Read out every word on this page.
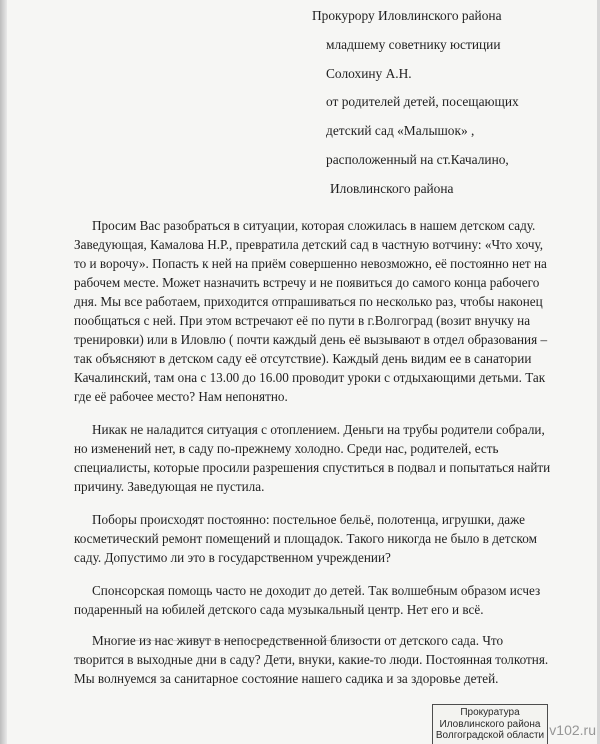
Прокурору Иловлинского района
младшему советнику юстиции
Солохину А.Н.
от родителей детей, посещающих
детский сад «Малышок» ,
расположенный на ст.Качалино,
Иловлинского района

Просим Вас разобраться в ситуации, которая сложилась в нашем детском саду. Заведующая, Камалова Н.Р., превратила детский сад в частную вотчину: «Что хочу, то и ворочу». Попасть к ней на приём совершенно невозможно, её постоянно нет на рабочем месте. Может назначить встречу и не появиться до самого конца рабочего дня. Мы все работаем, приходится отпрашиваться по несколько раз, чтобы наконец пообщаться с ней. При этом встречают её по пути в г.Волгоград (возит внучку на тренировки) или в Иловлю ( почти каждый день её вызывают в отдел образования – так объясняют в детском саду её отсутствие). Каждый день видим ее в санатории Качалинский, там она с 13.00 до 16.00 проводит уроки с отдыхающими детьми. Так где её рабочее место? Нам непонятно.

Никак не наладится ситуация с отоплением. Деньги на трубы родители собрали, но изменений нет, в саду по-прежнему холодно. Среди нас, родителей, есть специалисты, которые просили разрешения спуститься в подвал и попытаться найти причину. Заведующая не пустила.

Поборы происходят постоянно: постельное бельё, полотенца, игрушки, даже косметический ремонт помещений и площадок. Такого никогда не было в детском саду. Допустимо ли это в государственном учреждении?

Спонсорская помощь часто не доходит до детей. Так волшебным образом исчез подаренный на юбилей детского сада музыкальный центр. Нет его и всё.

Многие из нас живут в непосредственной близости от детского сада. Что творится в выходные дни в саду? Дети, внуки, какие-то люди. Постоянная толкотня. Мы волнуемся за санитарное состояние нашего садика и за здоровье детей.

Прокуратура
Иловлинского района
Волгоградской области v102.ru
